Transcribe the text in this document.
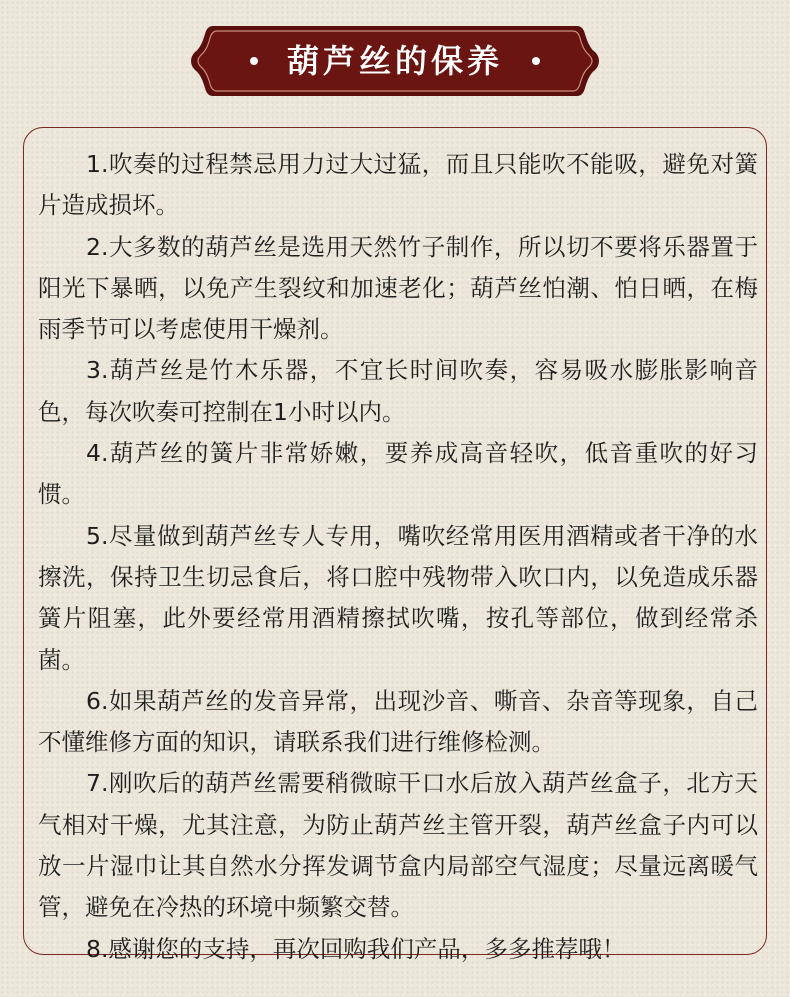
葫芦丝的保养

1.吹奏的过程禁忌用力过大过猛，而且只能吹不能吸，避免对簧片造成损坏。

2.大多数的葫芦丝是选用天然竹子制作，所以切不要将乐器置于阳光下暴晒，以免产生裂纹和加速老化；葫芦丝怕潮、怕日晒，在梅雨季节可以考虑使用干燥剂。

3.葫芦丝是竹木乐器，不宜长时间吹奏，容易吸水膨胀影响音色，每次吹奏可控制在1小时以内。

4.葫芦丝的簧片非常娇嫩，要养成高音轻吹，低音重吹的好习惯。

5.尽量做到葫芦丝专人专用，嘴吹经常用医用酒精或者干净的水擦洗，保持卫生切忌食后，将口腔中残物带入吹口内，以免造成乐器簧片阻塞，此外要经常用酒精擦拭吹嘴，按孔等部位，做到经常杀菌。

6.如果葫芦丝的发音异常，出现沙音、嘶音、杂音等现象，自己不懂维修方面的知识，请联系我们进行维修检测。

7.刚吹后的葫芦丝需要稍微晾干口水后放入葫芦丝盒子，北方天气相对干燥，尤其注意，为防止葫芦丝主管开裂，葫芦丝盒子内可以放一片湿巾让其自然水分挥发调节盒内局部空气湿度；尽量远离暖气管，避免在冷热的环境中频繁交替。

8.感谢您的支持，再次回购我们产品，多多推荐哦！
